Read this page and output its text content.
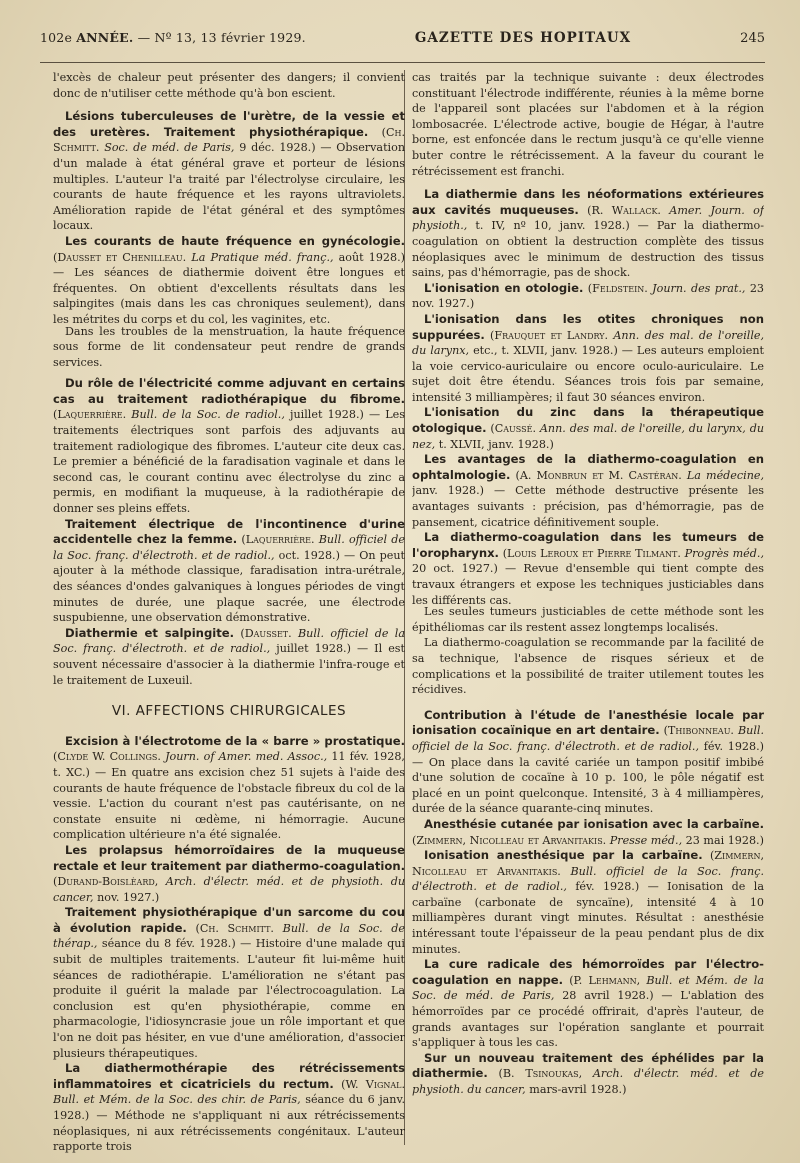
102e ANNÉE. — Nº 13, 13 février 1929.	GAZETTE DES HOPITAUX	245

l'excès de chaleur peut présenter des dangers; il convient donc de n'utiliser cette méthode qu'à bon escient.

Lésions tuberculeuses de l'urètre, de la vessie et des uretères. Traitement physiothérapique. (Ch. Schmitt. Soc. de méd. de Paris, 9 déc. 1928.) — Observation d'un malade à état général grave et porteur de lésions multiples. L'auteur l'a traité par l'électrolyse circulaire, les courants de haute fréquence et les rayons ultraviolets. Amélioration rapide de l'état général et des symptômes locaux.

Les courants de haute fréquence en gynécologie. (Dausset et Chenilleau. La Pratique méd. franç., août 1928.) — Les séances de diathermie doivent être longues et fréquentes. On obtient d'excellents résultats dans les salpingites (mais dans les cas chroniques seulement), dans les métrites du corps et du col, les vaginites, etc.

Dans les troubles de la menstruation, la haute fréquence sous forme de lit condensateur peut rendre de grands services.

Du rôle de l'électricité comme adjuvant en certains cas au traitement radiothérapique du fibrome. (Laquerrière. Bull. de la Soc. de radiol., juillet 1928.) — Les traitements électriques sont parfois des adjuvants au traitement radiologique des fibromes. L'auteur cite deux cas. Le premier a bénéficié de la faradisation vaginale et dans le second cas, le courant continu avec électrolyse du zinc a permis, en modifiant la muqueuse, à la radiothérapie de donner ses pleins effets.

Traitement électrique de l'incontinence d'urine accidentelle chez la femme. (Laquerrière. Bull. officiel de la Soc. franç. d'électroth. et de radiol., oct. 1928.) — On peut ajouter à la méthode classique, faradisation intra-urétrale, des séances d'ondes galvaniques à longues périodes de vingt minutes de durée, une plaque sacrée, une électrode suspubienne, une observation démonstrative.

Diathermie et salpingite. (Dausset. Bull. officiel de la Soc. franç. d'électroth. et de radiol., juillet 1928.) — Il est souvent nécessaire d'associer à la diathermie l'infra-rouge et le traitement de Luxeuil.

VI. AFFECTIONS CHIRURGICALES

Excision à l'électrotome de la « barre » prostatique. (Clyde W. Collings. Journ. of Amer. med. Assoc., 11 fév. 1928, t. XC.) — En quatre ans excision chez 51 sujets à l'aide des courants de haute fréquence de l'obstacle fibreux du col de la vessie. L'action du courant n'est pas cautérisante, on ne constate ensuite ni œdème, ni hémorragie. Aucune complication ultérieure n'a été signalée.

Les prolapsus hémorroïdaires de la muqueuse rectale et leur traitement par diathermo-coagulation. (Durand-Boislèard, Arch. d'électr. méd. et de physioth. du cancer, nov. 1927.)

Traitement physiothérapique d'un sarcome du cou à évolution rapide. (Ch. Schmitt. Bull. de la Soc. de thérap., séance du 8 fév. 1928.) — Histoire d'une malade qui subit de multiples traitements. L'auteur fit lui-même huit séances de radiothérapie. L'amélioration ne s'étant pas produite il guérit la malade par l'électrocoagulation. La conclusion est qu'en physiothérapie, comme en pharmacologie, l'idiosyncrasie joue un rôle important et que l'on ne doit pas hésiter, en vue d'une amélioration, d'associer plusieurs thérapeutiques.

La diathermothérapie des rétrécissements inflammatoires et cicatriciels du rectum. (W. Vignal. Bull. et Mém. de la Soc. des chir. de Paris, séance du 6 janv. 1928.) — Méthode ne s'appliquant ni aux rétrécissements néoplasiques, ni aux rétrécissements congénitaux. L'auteur rapporte trois

cas traités par la technique suivante : deux électrodes constituant l'électrode indifférente, réunies à la même borne de l'appareil sont placées sur l'abdomen et à la région lombosacrée. L'électrode active, bougie de Hégar, à l'autre borne, est enfoncée dans le rectum jusqu'à ce qu'elle vienne buter contre le rétrécissement. A la faveur du courant le rétrécissement est franchi.

La diathermie dans les néoformations extérieures aux cavités muqueuses. (R. Wallack. Amer. Journ. of physioth., t. IV, nº 10, janv. 1928.) — Par la diathermo-coagulation on obtient la destruction complète des tissus néoplasiques avec le minimum de destruction des tissus sains, pas d'hémorragie, pas de shock.

L'ionisation en otologie. (Feldstein. Journ. des prat., 23 nov. 1927.)

L'ionisation dans les otites chroniques non suppurées. (Frauquet et Landry. Ann. des mal. de l'oreille, du larynx, etc., t. XLVII, janv. 1928.) — Les auteurs emploient la voie cervico-auriculaire ou encore oculo-auriculaire. Le sujet doit être étendu. Séances trois fois par semaine, intensité 3 milliampères; il faut 30 séances environ.

L'ionisation du zinc dans la thérapeutique otologique. (Caussé. Ann. des mal. de l'oreille, du larynx, du nez, t. XLVII, janv. 1928.)

Les avantages de la diathermo-coagulation en ophtalmologie. (A. Monbrun et M. Castéran. La médecine, janv. 1928.) — Cette méthode destructive présente les avantages suivants : précision, pas d'hémorragie, pas de pansement, cicatrice définitivement souple.

La diathermo-coagulation dans les tumeurs de l'oropharynx. (Louis Leroux et Pierre Tilmant. Progrès méd., 20 oct. 1927.) — Revue d'ensemble qui tient compte des travaux étrangers et expose les techniques justiciables dans les différents cas.

Les seules tumeurs justiciables de cette méthode sont les épithéliomas car ils restent assez longtemps localisés.

La diathermo-coagulation se recommande par la facilité de sa technique, l'absence de risques sérieux et de complications et la possibilité de traiter utilement toutes les récidives.

Contribution à l'étude de l'anesthésie locale par ionisation cocaïnique en art dentaire. (Thibonneau. Bull. officiel de la Soc. franç. d'électroth. et de radiol., fév. 1928.) — On place dans la cavité cariée un tampon positif imbibé d'une solution de cocaïne à 10 p. 100, le pôle négatif est placé en un point quelconque. Intensité, 3 à 4 milliampères, durée de la séance quarante-cinq minutes.

Anesthésie cutanée par ionisation avec la carbaïne. (Zimmern, Nicolleau et Arvanitakis. Presse méd., 23 mai 1928.)

Ionisation anesthésique par la carbaïne. (Zimmern, Nicolleau et Arvanitakis. Bull. officiel de la Soc. franç. d'électroth. et de radiol., fév. 1928.) — Ionisation de la carbaïne (carbonate de syncaïne), intensité 4 à 10 milliampères durant vingt minutes. Résultat : anesthésie intéressant toute l'épaisseur de la peau pendant plus de dix minutes.

La cure radicale des hémorroïdes par l'électro-coagulation en nappe. (P. Lehmann, Bull. et Mém. de la Soc. de méd. de Paris, 28 avril 1928.) — L'ablation des hémorroïdes par ce procédé offrirait, d'après l'auteur, de grands avantages sur l'opération sanglante et pourrait s'appliquer à tous les cas.

Sur un nouveau traitement des éphélides par la diathermie. (B. Tsinoukas, Arch. d'électr. méd. et de physioth. du cancer, mars-avril 1928.)
